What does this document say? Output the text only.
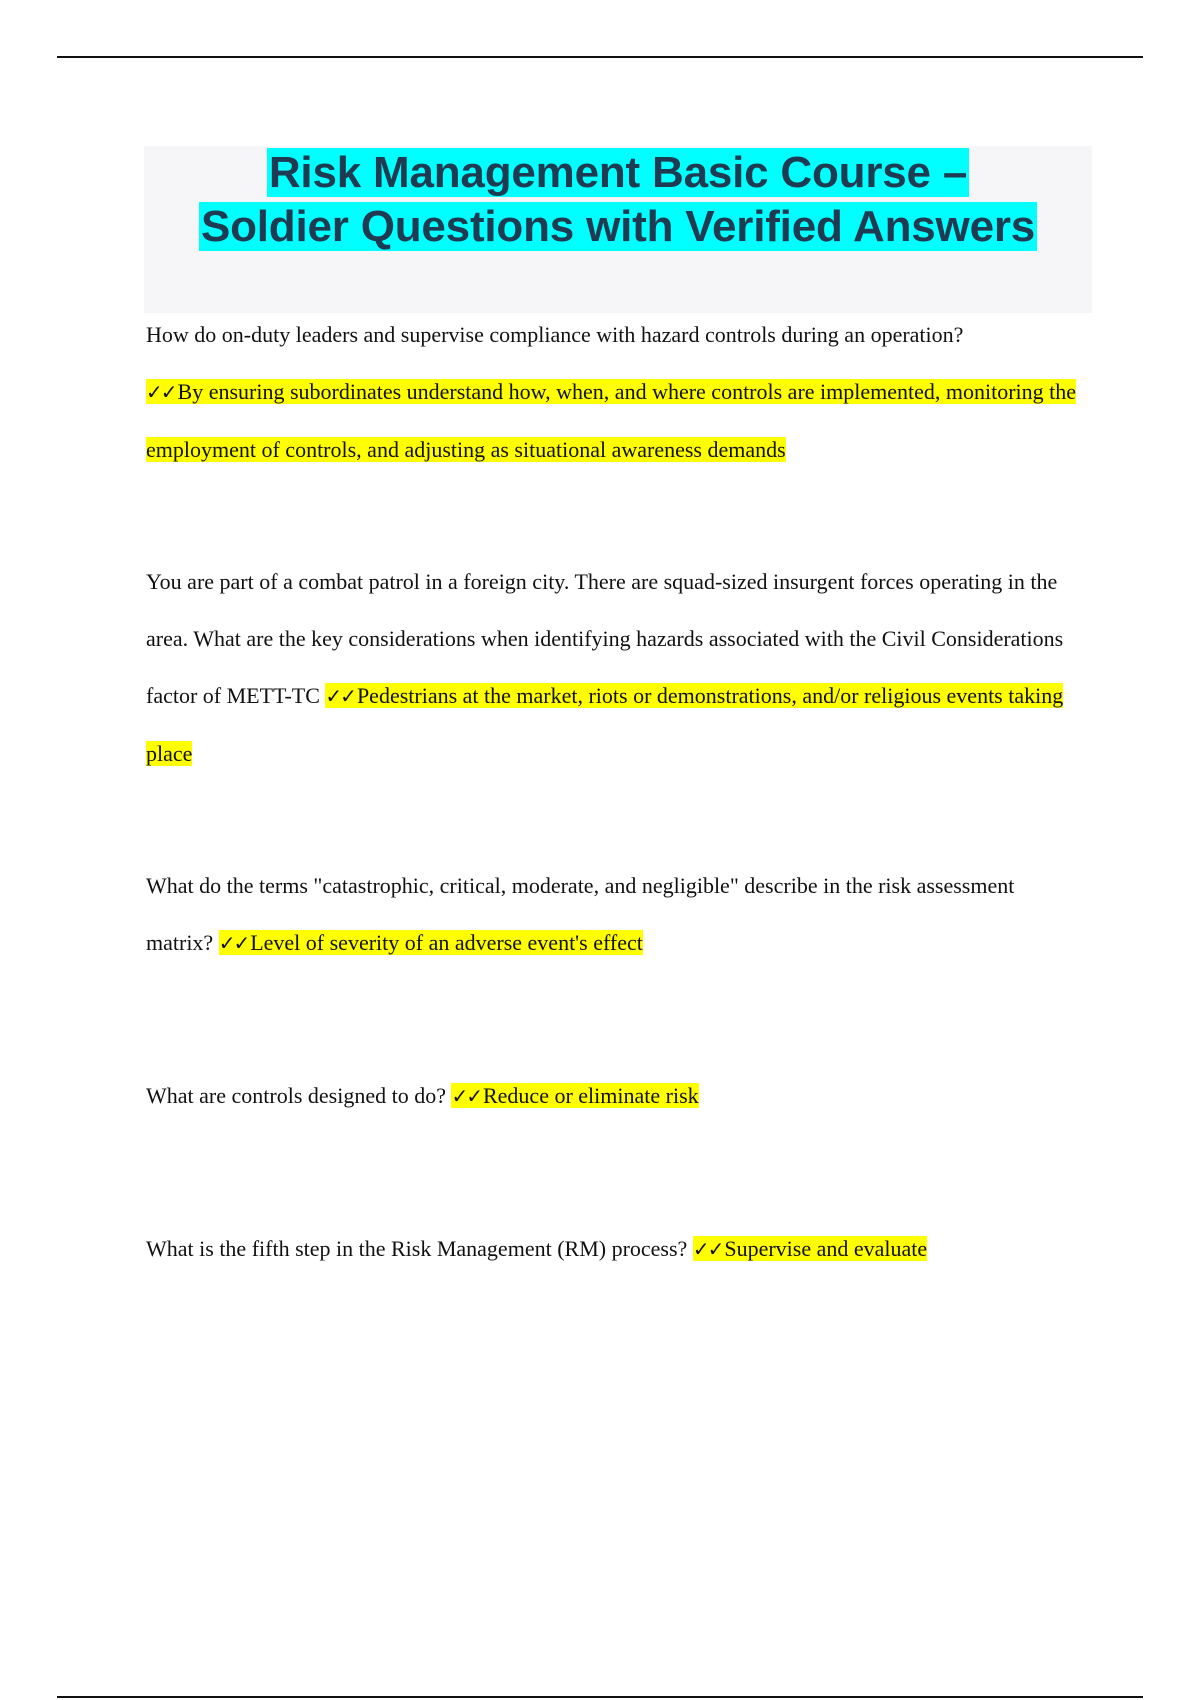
Risk Management Basic Course –
Soldier Questions with Verified Answers

How do on-duty leaders and supervise compliance with hazard controls during an operation?
✓✓By ensuring subordinates understand how, when, and where controls are implemented, monitoring the employment of controls, and adjusting as situational awareness demands

You are part of a combat patrol in a foreign city. There are squad-sized insurgent forces operating in the area. What are the key considerations when identifying hazards associated with the Civil Considerations factor of METT-TC ✓✓Pedestrians at the market, riots or demonstrations, and/or religious events taking place

What do the terms "catastrophic, critical, moderate, and negligible" describe in the risk assessment matrix? ✓✓Level of severity of an adverse event's effect

What are controls designed to do? ✓✓Reduce or eliminate risk

What is the fifth step in the Risk Management (RM) process? ✓✓Supervise and evaluate
